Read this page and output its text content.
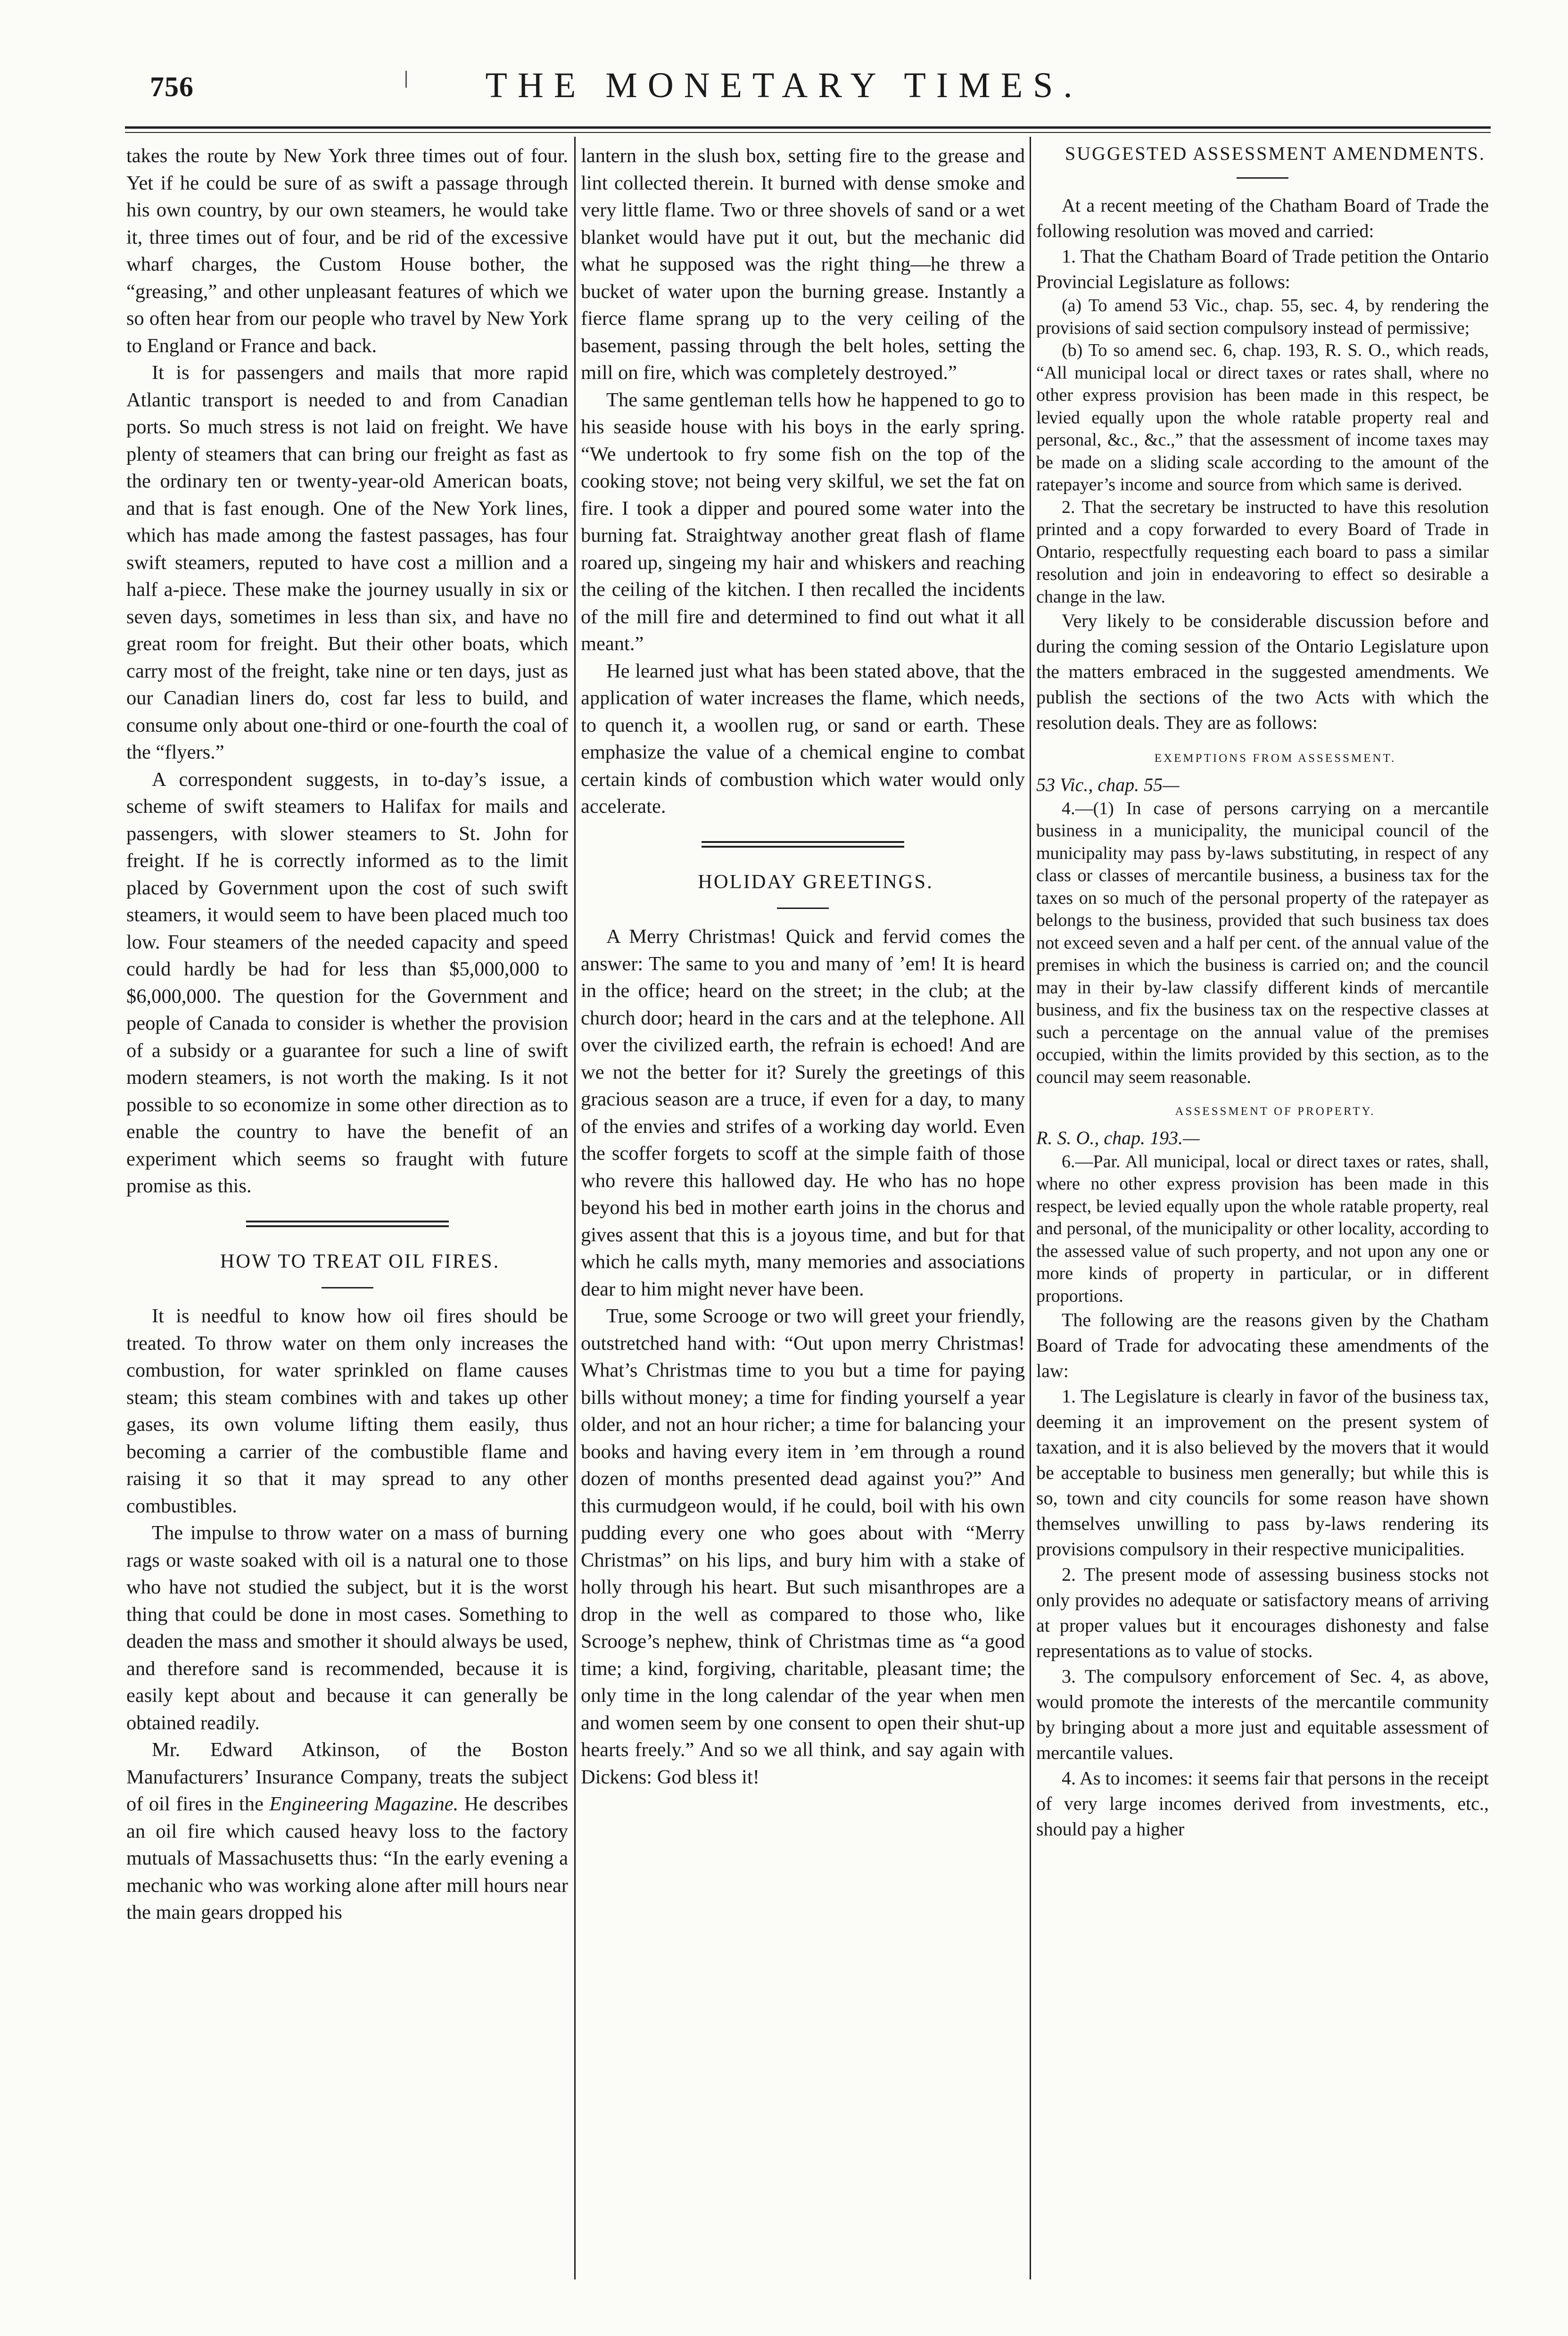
756	THE MONETARY TIMES.

takes the route by New York three times out of four. Yet if he could be sure of as swift a passage through his own country, by our own steamers, he would take it, three times out of four, and be rid of the excessive wharf charges, the Custom House bother, the “greasing,” and other unpleasant features of which we so often hear from our people who travel by New York to England or France and back.

It is for passengers and mails that more rapid Atlantic transport is needed to and from Canadian ports. So much stress is not laid on freight. We have plenty of steamers that can bring our freight as fast as the ordinary ten or twenty-year-old American boats, and that is fast enough. One of the New York lines, which has made among the fastest passages, has four swift steamers, reputed to have cost a million and a half a-piece. These make the journey usually in six or seven days, sometimes in less than six, and have no great room for freight. But their other boats, which carry most of the freight, take nine or ten days, just as our Canadian liners do, cost far less to build, and consume only about one-third or one-fourth the coal of the “flyers.”

A correspondent suggests, in to-day’s issue, a scheme of swift steamers to Halifax for mails and passengers, with slower steamers to St. John for freight. If he is correctly informed as to the limit placed by Government upon the cost of such swift steamers, it would seem to have been placed much too low. Four steamers of the needed capacity and speed could hardly be had for less than $5,000,000 to $6,000,000. The question for the Government and people of Canada to consider is whether the provision of a subsidy or a guarantee for such a line of swift modern steamers, is not worth the making. Is it not possible to so economize in some other direction as to enable the country to have the benefit of an experiment which seems so fraught with future promise as this.

HOW TO TREAT OIL FIRES.

It is needful to know how oil fires should be treated. To throw water on them only increases the combustion, for water sprinkled on flame causes steam; this steam combines with and takes up other gases, its own volume lifting them easily, thus becoming a carrier of the combustible flame and raising it so that it may spread to any other combustibles.

The impulse to throw water on a mass of burning rags or waste soaked with oil is a natural one to those who have not studied the subject, but it is the worst thing that could be done in most cases. Something to deaden the mass and smother it should always be used, and therefore sand is recommended, because it is easily kept about and because it can generally be obtained readily.

Mr. Edward Atkinson, of the Boston Manufacturers’ Insurance Company, treats the subject of oil fires in the Engineering Magazine. He describes an oil fire which caused heavy loss to the factory mutuals of Massachusetts thus: “In the early evening a mechanic who was working alone after mill hours near the main gears dropped his

lantern in the slush box, setting fire to the grease and lint collected therein. It burned with dense smoke and very little flame. Two or three shovels of sand or a wet blanket would have put it out, but the mechanic did what he supposed was the right thing—he threw a bucket of water upon the burning grease. Instantly a fierce flame sprang up to the very ceiling of the basement, passing through the belt holes, setting the mill on fire, which was completely destroyed.”

The same gentleman tells how he happened to go to his seaside house with his boys in the early spring. “We undertook to fry some fish on the top of the cooking stove; not being very skilful, we set the fat on fire. I took a dipper and poured some water into the burning fat. Straightway another great flash of flame roared up, singeing my hair and whiskers and reaching the ceiling of the kitchen. I then recalled the incidents of the mill fire and determined to find out what it all meant.”

He learned just what has been stated above, that the application of water increases the flame, which needs, to quench it, a woollen rug, or sand or earth. These emphasize the value of a chemical engine to combat certain kinds of combustion which water would only accelerate.

HOLIDAY GREETINGS.

A Merry Christmas! Quick and fervid comes the answer: The same to you and many of ’em! It is heard in the office; heard on the street; in the club; at the church door; heard in the cars and at the telephone. All over the civilized earth, the refrain is echoed! And are we not the better for it? Surely the greetings of this gracious season are a truce, if even for a day, to many of the envies and strifes of a working day world. Even the scoffer forgets to scoff at the simple faith of those who revere this hallowed day. He who has no hope beyond his bed in mother earth joins in the chorus and gives assent that this is a joyous time, and but for that which he calls myth, many memories and associations dear to him might never have been.

True, some Scrooge or two will greet your friendly, outstretched hand with: “Out upon merry Christmas! What’s Christmas time to you but a time for paying bills without money; a time for finding yourself a year older, and not an hour richer; a time for balancing your books and having every item in ’em through a round dozen of months presented dead against you?” And this curmudgeon would, if he could, boil with his own pudding every one who goes about with “Merry Christmas” on his lips, and bury him with a stake of holly through his heart. But such misanthropes are a drop in the well as compared to those who, like Scrooge’s nephew, think of Christmas time as “a good time; a kind, forgiving, charitable, pleasant time; the only time in the long calendar of the year when men and women seem by one consent to open their shut-up hearts freely.” And so we all think, and say again with Dickens: God bless it!

SUGGESTED ASSESSMENT AMENDMENTS.

At a recent meeting of the Chatham Board of Trade the following resolution was moved and carried:

1. That the Chatham Board of Trade petition the Ontario Provincial Legislature as follows:

(a) To amend 53 Vic., chap. 55, sec. 4, by rendering the provisions of said section compulsory instead of permissive;

(b) To so amend sec. 6, chap. 193, R. S. O., which reads, “All municipal local or direct taxes or rates shall, where no other express provision has been made in this respect, be levied equally upon the whole ratable property real and personal, &c., &c.,” that the assessment of income taxes may be made on a sliding scale according to the amount of the ratepayer’s income and source from which same is derived.

2. That the secretary be instructed to have this resolution printed and a copy forwarded to every Board of Trade in Ontario, respectfully requesting each board to pass a similar resolution and join in endeavoring to effect so desirable a change in the law.

Very likely to be considerable discussion before and during the coming session of the Ontario Legislature upon the matters embraced in the suggested amendments. We publish the sections of the two Acts with which the resolution deals. They are as follows:

EXEMPTIONS FROM ASSESSMENT.

53 Vic., chap. 55—

4.—(1) In case of persons carrying on a mercantile business in a municipality, the municipal council of the municipality may pass by-laws substituting, in respect of any class or classes of mercantile business, a business tax for the taxes on so much of the personal property of the ratepayer as belongs to the business, provided that such business tax does not exceed seven and a half per cent. of the annual value of the premises in which the business is carried on; and the council may in their by-law classify different kinds of mercantile business, and fix the business tax on the respective classes at such a percentage on the annual value of the premises occupied, within the limits provided by this section, as to the council may seem reasonable.

ASSESSMENT OF PROPERTY.

R. S. O., chap. 193.—

6.—Par. All municipal, local or direct taxes or rates, shall, where no other express provision has been made in this respect, be levied equally upon the whole ratable property, real and personal, of the municipality or other locality, according to the assessed value of such property, and not upon any one or more kinds of property in particular, or in different proportions.

The following are the reasons given by the Chatham Board of Trade for advocating these amendments of the law:

1. The Legislature is clearly in favor of the business tax, deeming it an improvement on the present system of taxation, and it is also believed by the movers that it would be acceptable to business men generally; but while this is so, town and city councils for some reason have shown themselves unwilling to pass by-laws rendering its provisions compulsory in their respective municipalities.

2. The present mode of assessing business stocks not only provides no adequate or satisfactory means of arriving at proper values but it encourages dishonesty and false representations as to value of stocks.

3. The compulsory enforcement of Sec. 4, as above, would promote the interests of the mercantile community by bringing about a more just and equitable assessment of mercantile values.

4. As to incomes: it seems fair that persons in the receipt of very large incomes derived from investments, etc., should pay a higher
